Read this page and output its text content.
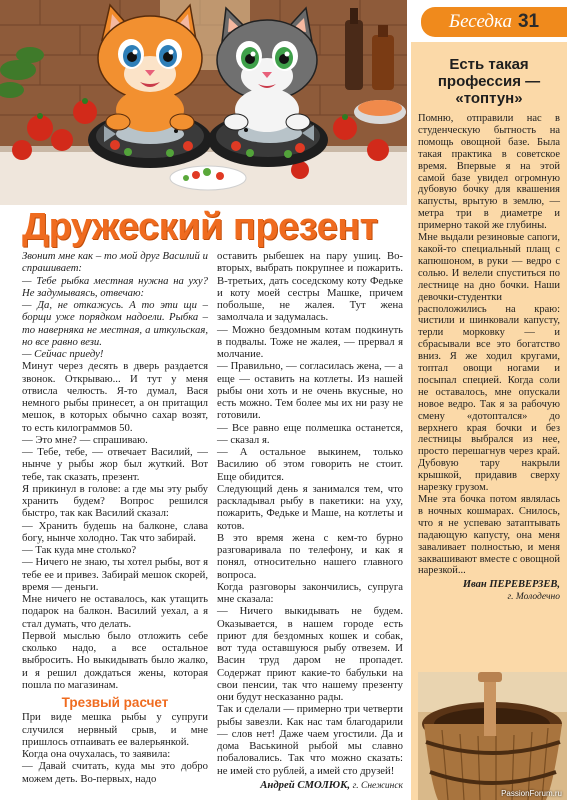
Беседка 31
Дружеский презент

Звонит мне как – то мой друг Василий и спрашивает:

— Тебе рыбка местная нужна на уху? Не задумываясь, отвечаю:

— Да, не откажусь. А то эти щи – борщи уже порядком надоели. Рыбка – то наверняка не местная, а иткульская, но все равно вези.

— Сейчас приеду!

Минут через десять в дверь раздается звонок. Открываю... И тут у меня отвисла челюсть. Я-то думал, Вася немного рыбы принесет, а он притащил мешок, в которых обычно сахар возят, то есть килограммов 50.

— Это мне? — спрашиваю.

— Тебе, тебе, — отвечает Василий, — нынче у рыбы жор был жуткий. Вот тебе, так сказать, презент.

Я прикинул в голове: а где мы эту рыбу хранить будем? Вопрос решился быстро, так как Василий сказал:

— Хранить будешь на балконе, слава богу, нынче холодно. Так что забирай.

— Так куда мне столько?

— Ничего не знаю, ты хотел рыбы, вот я тебе ее и привез. Забирай мешок скорей, время — деньги.

Мне ничего не оставалось, как утащить подарок на балкон. Василий уехал, а я стал думать, что делать.

Первой мыслью было отложить себе сколько надо, а все остальное выбросить. Но выкидывать было жалко, и я решил дождаться жены, которая пошла по магазинам.

Трезвый расчет

При виде мешка рыбы у супруги случился нервный срыв, и мне пришлось отпаивать ее валерьянкой.

Когда она очухалась, то заявила:

— Давай считать, куда мы это добро можем деть. Во-первых, надо

оставить рыбешек на пару ушиц. Во-вторых, выбрать покрупнее и пожарить. В-третьих, дать соседскому коту Федьке и коту моей сестры Машке, причем побольше, не жалея. Тут жена замолчала и задумалась.

— Можно бездомным котам подкинуть в подвалы. Тоже не жалея, — прервал я молчание.

— Правильно, — согласилась жена, — а еще — оставить на котлеты. Из нашей рыбы они хоть и не очень вкусные, но есть можно. Тем более мы их ни разу не готовили.

— Все равно еще полмешка останется, — сказал я.

— А остальное выкинем, только Василию об этом говорить не стоит. Еще обидится.

Следующий день я занимался тем, что раскладывал рыбу в пакетики: на уху, пожарить, Федьке и Маше, на котлеты и котов.

В это время жена с кем-то бурно разговаривала по телефону, и как я понял, относительно нашего главного вопроса.

Когда разговоры закончились, супруга мне сказала:

— Ничего выкидывать не будем. Оказывается, в нашем городе есть приют для бездомных кошек и собак, вот туда оставшуюся рыбу отвезем. И Васин труд даром не пропадет. Содержат приют какие-то бабульки на свои пенсии, так что нашему презенту они будут несказанно рады.

Так и сделали — примерно три четверти рыбы завезли. Как нас там благодарили — слов нет! Даже чаем угостили. Да и дома Васькиной рыбой мы славно побаловались. Так что можно сказать: не имей сто рублей, а имей сто друзей!

Андрей СМОЛЮК, г. Снежинск

Есть такая
профессия —
«топтун»

Помню, отправили нас в студенческую бытность на помощь овощной базе. Была такая практика в советское время. Впервые я на этой самой базе увидел огромную дубовую бочку для квашения капусты, врытую в землю, — метра три в диаметре и примерно такой же глубины.

Мне выдали резиновые сапоги, какой-то специальный плащ с капюшоном, в руки — ведро с солью. И велели спуститься по лестнице на дно бочки. Наши девочки-студентки расположились на краю: чистили и шинковали капусту, терли морковку — и сбрасывали все это богатство вниз. Я же ходил кругами, топтал овощи ногами и посыпал специей. Когда соли не оставалось, мне опускали новое ведро. Так я за рабочую смену «дотоптался» до верхнего края бочки и без лестницы выбрался из нее, просто перешагнув через край. Дубовую тару накрыли крышкой, придавив сверху нарезку грузом.

Мне эта бочка потом являлась в ночных кошмарах. Снилось, что я не успеваю затаптывать падающую капусту, она меня заваливает полностью, и меня заквашивают вместе с овощной нарезкой...

Иван ПЕРЕВЕРЗЕВ,
г. Молодечно

PassionForum.ru
